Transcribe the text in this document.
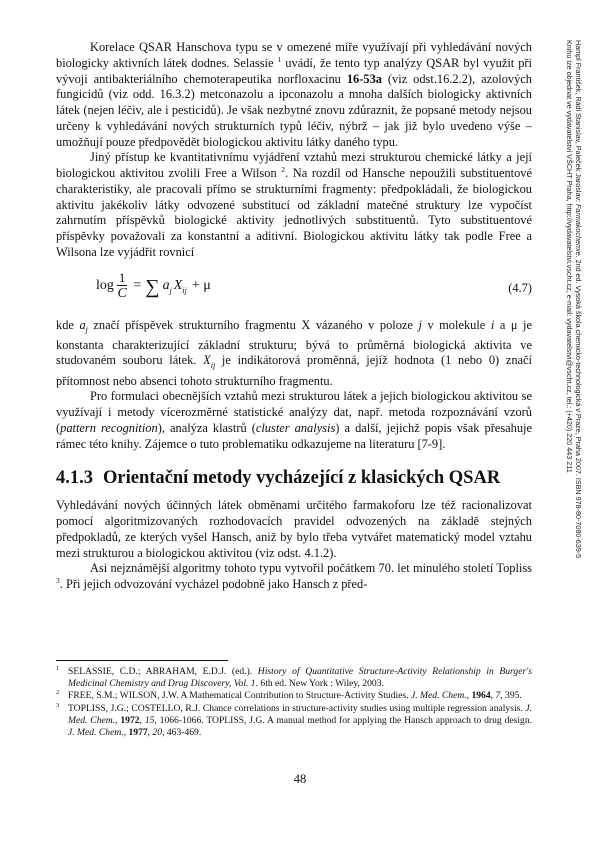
Hampl František, Rádl Stanislav, Paleček Jaroslav: Farmakochemie. 2nd ed. Vysoká škola chemicko-technologická v Praze, Praha 2007. ISBN 978-80-7080-639-5
Knihu lze objednat ve vydavatelství VŠCHT Praha, http://vydavatelstvi.vscht.cz, e-mail: vydavatelstvi@vscht.cz, tel.: (+420) 220 443 211

Korelace QSAR Hanschova typu se v omezené míře využívají při vyhledávání nových biologicky aktivních látek dodnes. Selassie $^1$ uvádí, že tento typ analýzy QSAR byl využit při vývoji antibakteriálního chemoterapeutika norfloxacinu 16-53a (viz odst.16.2.2), azolových fungicidů (viz odd. 16.3.2) metconazolu a ipconazolu a mnoha dalších biologicky aktivních látek (nejen léčiv, ale i pesticidů). Je však nezbytné znovu zdůraznit, že popsané metody nejsou určeny k vyhledávání nových strukturních typů léčiv, nýbrž – jak již bylo uvedeno výše – umožňují pouze předpovědět biologickou aktivitu látky daného typu.

Jiný přístup ke kvantitativnímu vyjádření vztahů mezi strukturou chemické látky a její biologickou aktivitou zvolili Free a Wilson $^2$. Na rozdíl od Hansche nepoužili substituentové charakteristiky, ale pracovali přímo se strukturními fragmenty: předpokládali, že biologickou aktivitu jakékoliv látky odvozené substitucí od základní matečné struktury lze vypočíst zahrnutím příspěvků biologické aktivity jednotlivých substituentů. Tyto substituentové příspěvky považovali za konstantní a aditivní. Biologickou aktivitu látky tak podle Free a Wilsona lze vyjádřit rovnicí

$\log \frac{1}{C}$ = ∑ a j X ij + μ	(4.7)

kde $a_j$ značí příspěvek strukturního fragmentu X vázaného v poloze j v molekule i a μ je konstanta charakterizující základní strukturu; bývá to průměrná biologická aktivita ve studovaném souboru látek. $X_{ij}$ je indikátorová proměnná, jejíž hodnota (1 nebo 0) značí přítomnost nebo absenci tohoto strukturního fragmentu.

Pro formulaci obecnějších vztahů mezi strukturou látek a jejich biologickou aktivitou se využívají i metody vícerozměrné statistické analýzy dat, např. metoda rozpoznávání vzorů (pattern recognition), analýza klastrů (cluster analysis) a další, jejichž popis však přesahuje rámec této knihy. Zájemce o tuto problematiku odkazujeme na literaturu [7-9].

4.1.3 Orientační metody vycházející z klasických QSAR

Vyhledávání nových účinných látek obměnami určitého farmakoforu lze též racionalizovat pomocí algoritmizovaných rozhodovacích pravidel odvozených na základě stejných předpokladů, ze kterých vyšel Hansch, aniž by bylo třeba vytvářet matematický model vztahu mezi strukturou a biologickou aktivitou (viz odst. 4.1.2).

Asi nejznámější algoritmy tohoto typu vytvořil počátkem 70. let minulého století Topliss $^3$. Při jejich odvozování vycházel podobně jako Hansch z před-

1 SELASSIE, C.D.; ABRAHAM, E.D.J. (ed.). History of Quantitative Structure-Activity Relationship in Burger's Medicinal Chemistry and Drug Discovery, Vol. 1. 6th ed. New York : Wiley, 2003.

2 FREE, S.M.; WILSON, J.W. A Mathematical Contribution to Structure-Activity Studies. J. Med. Chem., 1964, 7, 395.

3 TOPLISS, J.G.; COSTELLO, R.J. Chance correlations in structure-activity studies using multiple regression analysis. J. Med. Chem., 1972, 15, 1066-1066. TOPLISS, J.G. A manual method for applying the Hansch approach to drug design. J. Med. Chem., 1977, 20, 463-469.

48
